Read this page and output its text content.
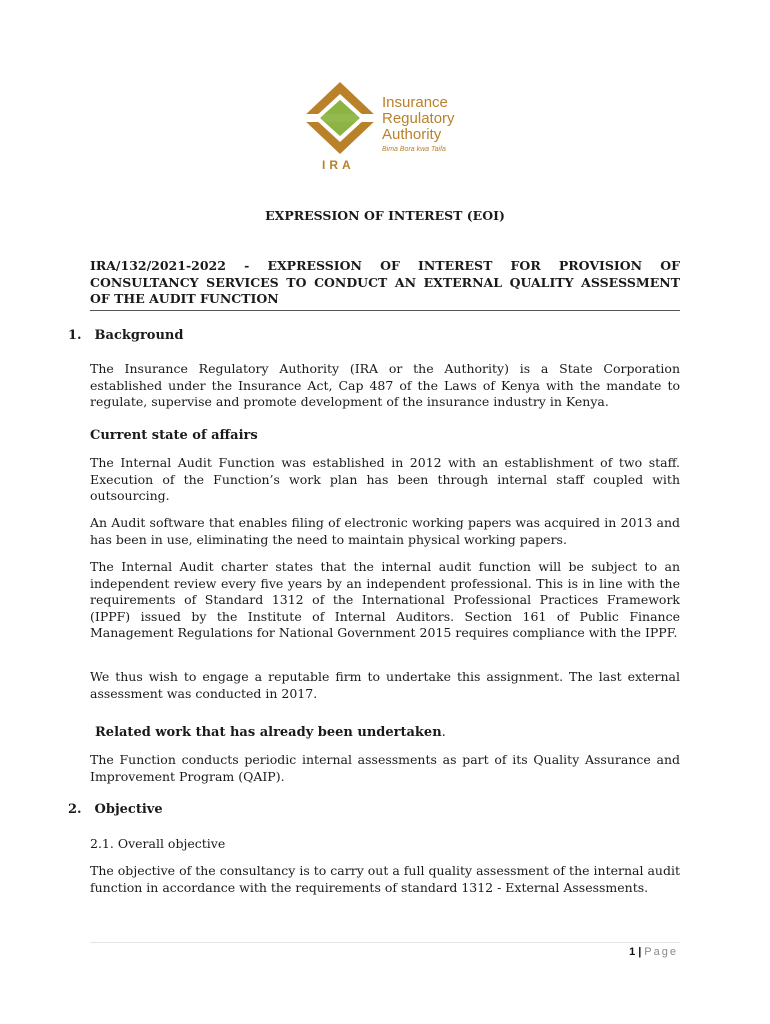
Insurance
Regulatory
Authority
Bima Bora kwa Taifa
IRA
EXPRESSION OF INTEREST (EOI)
IRA/132/2021-2022 - EXPRESSION OF INTEREST FOR PROVISION OF
CONSULTANCY SERVICES TO CONDUCT AN EXTERNAL QUALITY ASSESSMENT
OF THE AUDIT FUNCTION
1. Background
The Insurance Regulatory Authority (IRA or the Authority) is a State Corporation established under the Insurance Act, Cap 487 of the Laws of Kenya with the mandate to regulate, supervise and promote development of the insurance industry in Kenya.
Current state of affairs
The Internal Audit Function was established in 2012 with an establishment of two staff. Execution of the Function’s work plan has been through internal staff coupled with outsourcing.
An Audit software that enables filing of electronic working papers was acquired in 2013 and has been in use, eliminating the need to maintain physical working papers.
The Internal Audit charter states that the internal audit function will be subject to an independent review every five years by an independent professional. This is in line with the requirements of Standard 1312 of the International Professional Practices Framework (IPPF) issued by the Institute of Internal Auditors. Section 161 of Public Finance Management Regulations for National Government 2015 requires compliance with the IPPF.
We thus wish to engage a reputable firm to undertake this assignment. The last external assessment was conducted in 2017.
Related work that has already been undertaken.
The Function conducts periodic internal assessments as part of its Quality Assurance and Improvement Program (QAIP).
2. Objective
2.1. Overall objective
The objective of the consultancy is to carry out a full quality assessment of the internal audit function in accordance with the requirements of standard 1312 - External Assessments.
1 | Page
